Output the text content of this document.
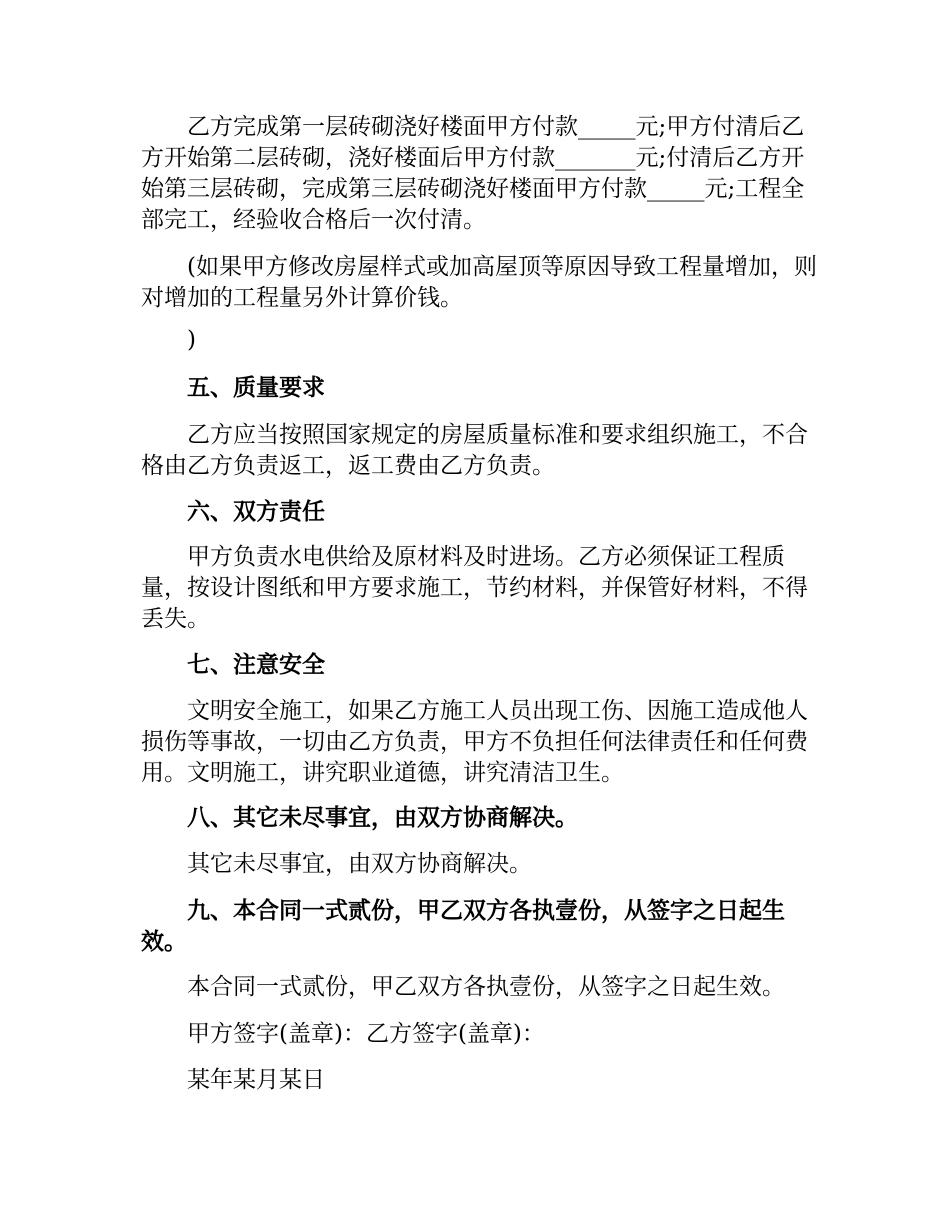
乙方完成第一层砖砌浇好楼面甲方付款_____元;甲方付清后乙方开始第二层砖砌，浇好楼面后甲方付款_______元;付清后乙方开始第三层砖砌，完成第三层砖砌浇好楼面甲方付款_____元;工程全部完工，经验收合格后一次付清。

(如果甲方修改房屋样式或加高屋顶等原因导致工程量增加，则对增加的工程量另外计算价钱。

)

五、质量要求

乙方应当按照国家规定的房屋质量标准和要求组织施工，不合格由乙方负责返工，返工费由乙方负责。

六、双方责任

甲方负责水电供给及原材料及时进场。乙方必须保证工程质量，按设计图纸和甲方要求施工，节约材料，并保管好材料，不得丢失。

七、注意安全

文明安全施工，如果乙方施工人员出现工伤、因施工造成他人损伤等事故，一切由乙方负责，甲方不负担任何法律责任和任何费用。文明施工，讲究职业道德，讲究清洁卫生。

八、其它未尽事宜，由双方协商解决。

其它未尽事宜，由双方协商解决。

九、本合同一式贰份，甲乙双方各执壹份，从签字之日起生效。

本合同一式贰份，甲乙双方各执壹份，从签字之日起生效。

甲方签字(盖章)：乙方签字(盖章)：

某年某月某日
